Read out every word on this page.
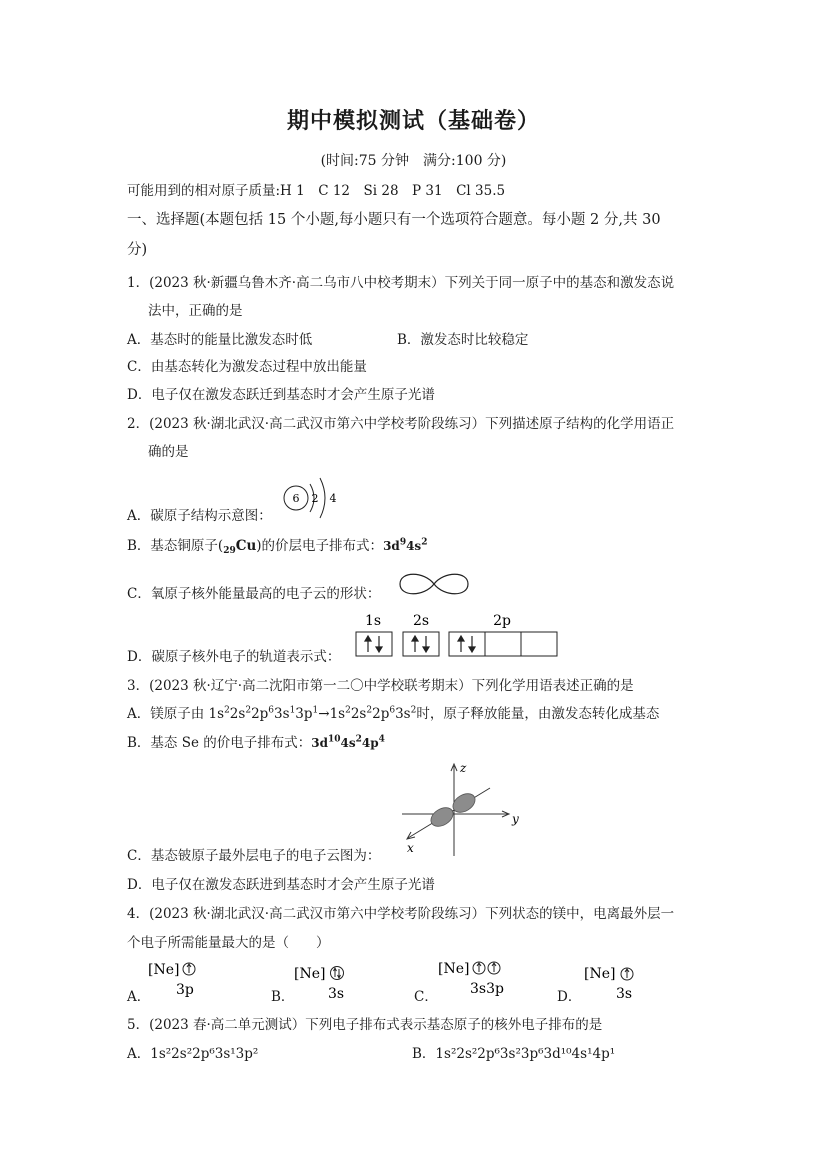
期中模拟测试（基础卷）
(时间:75 分钟　满分:100 分)
可能用到的相对原子质量:H 1　C 12　Si 28　P 31　Cl 35.5
一、选择题(本题包括 15 个小题,每小题只有一个选项符合题意。每小题 2 分,共 30
分)
1．(2023 秋·新疆乌鲁木齐·高二乌市八中校考期末）下列关于同一原子中的基态和激发态说
法中，正确的是
A．基态时的能量比激发态时低	B．激发态时比较稳定
C．由基态转化为激发态过程中放出能量
D．电子仅在激发态跃迁到基态时才会产生原子光谱
2．(2023 秋·湖北武汉·高二武汉市第六中学校考阶段练习）下列描述原子结构的化学用语正
确的是
A．碳原子结构示意图：
6 2 4
B．基态铜原子$(_{29}Cu)$的价层电子排布式：$3d^94s^2$
C．氧原子核外能量最高的电子云的形状：
D．碳原子核外电子的轨道表示式：
1s 2s	2p
3．(2023 秋·辽宁·高二沈阳市第一二〇中学校联考期末）下列化学用语表述正确的是
A．镁原子由 $1s^22s^22p^63s^13p^1\to 1s^22s^22p^63s^2$时，原子释放能量，由激发态转化成基态
B．基态 Se 的价电子排布式：$3d^{10}4s^24p^4$
z
y
x
C．基态铍原子最外层电子的电子云图为：
D．电子仅在激发态跃进到基态时才会产生原子光谱
4．(2023 秋·湖北武汉·高二武汉市第六中学校考阶段练习）下列状态的镁中，电离最外层一
个电子所需能量最大的是（　　）
A．
[Ne]
3p	B．
[Ne]
3s	C．
[Ne]
3s3p	D．
[Ne]
3s
5．(2023 春·高二单元测试）下列电子排布式表示基态原子的核外电子排布的是
A．1s²2s²2p⁶3s¹3p²	B．1s²2s²2p⁶3s²3p⁶3d¹⁰4s¹4p¹
